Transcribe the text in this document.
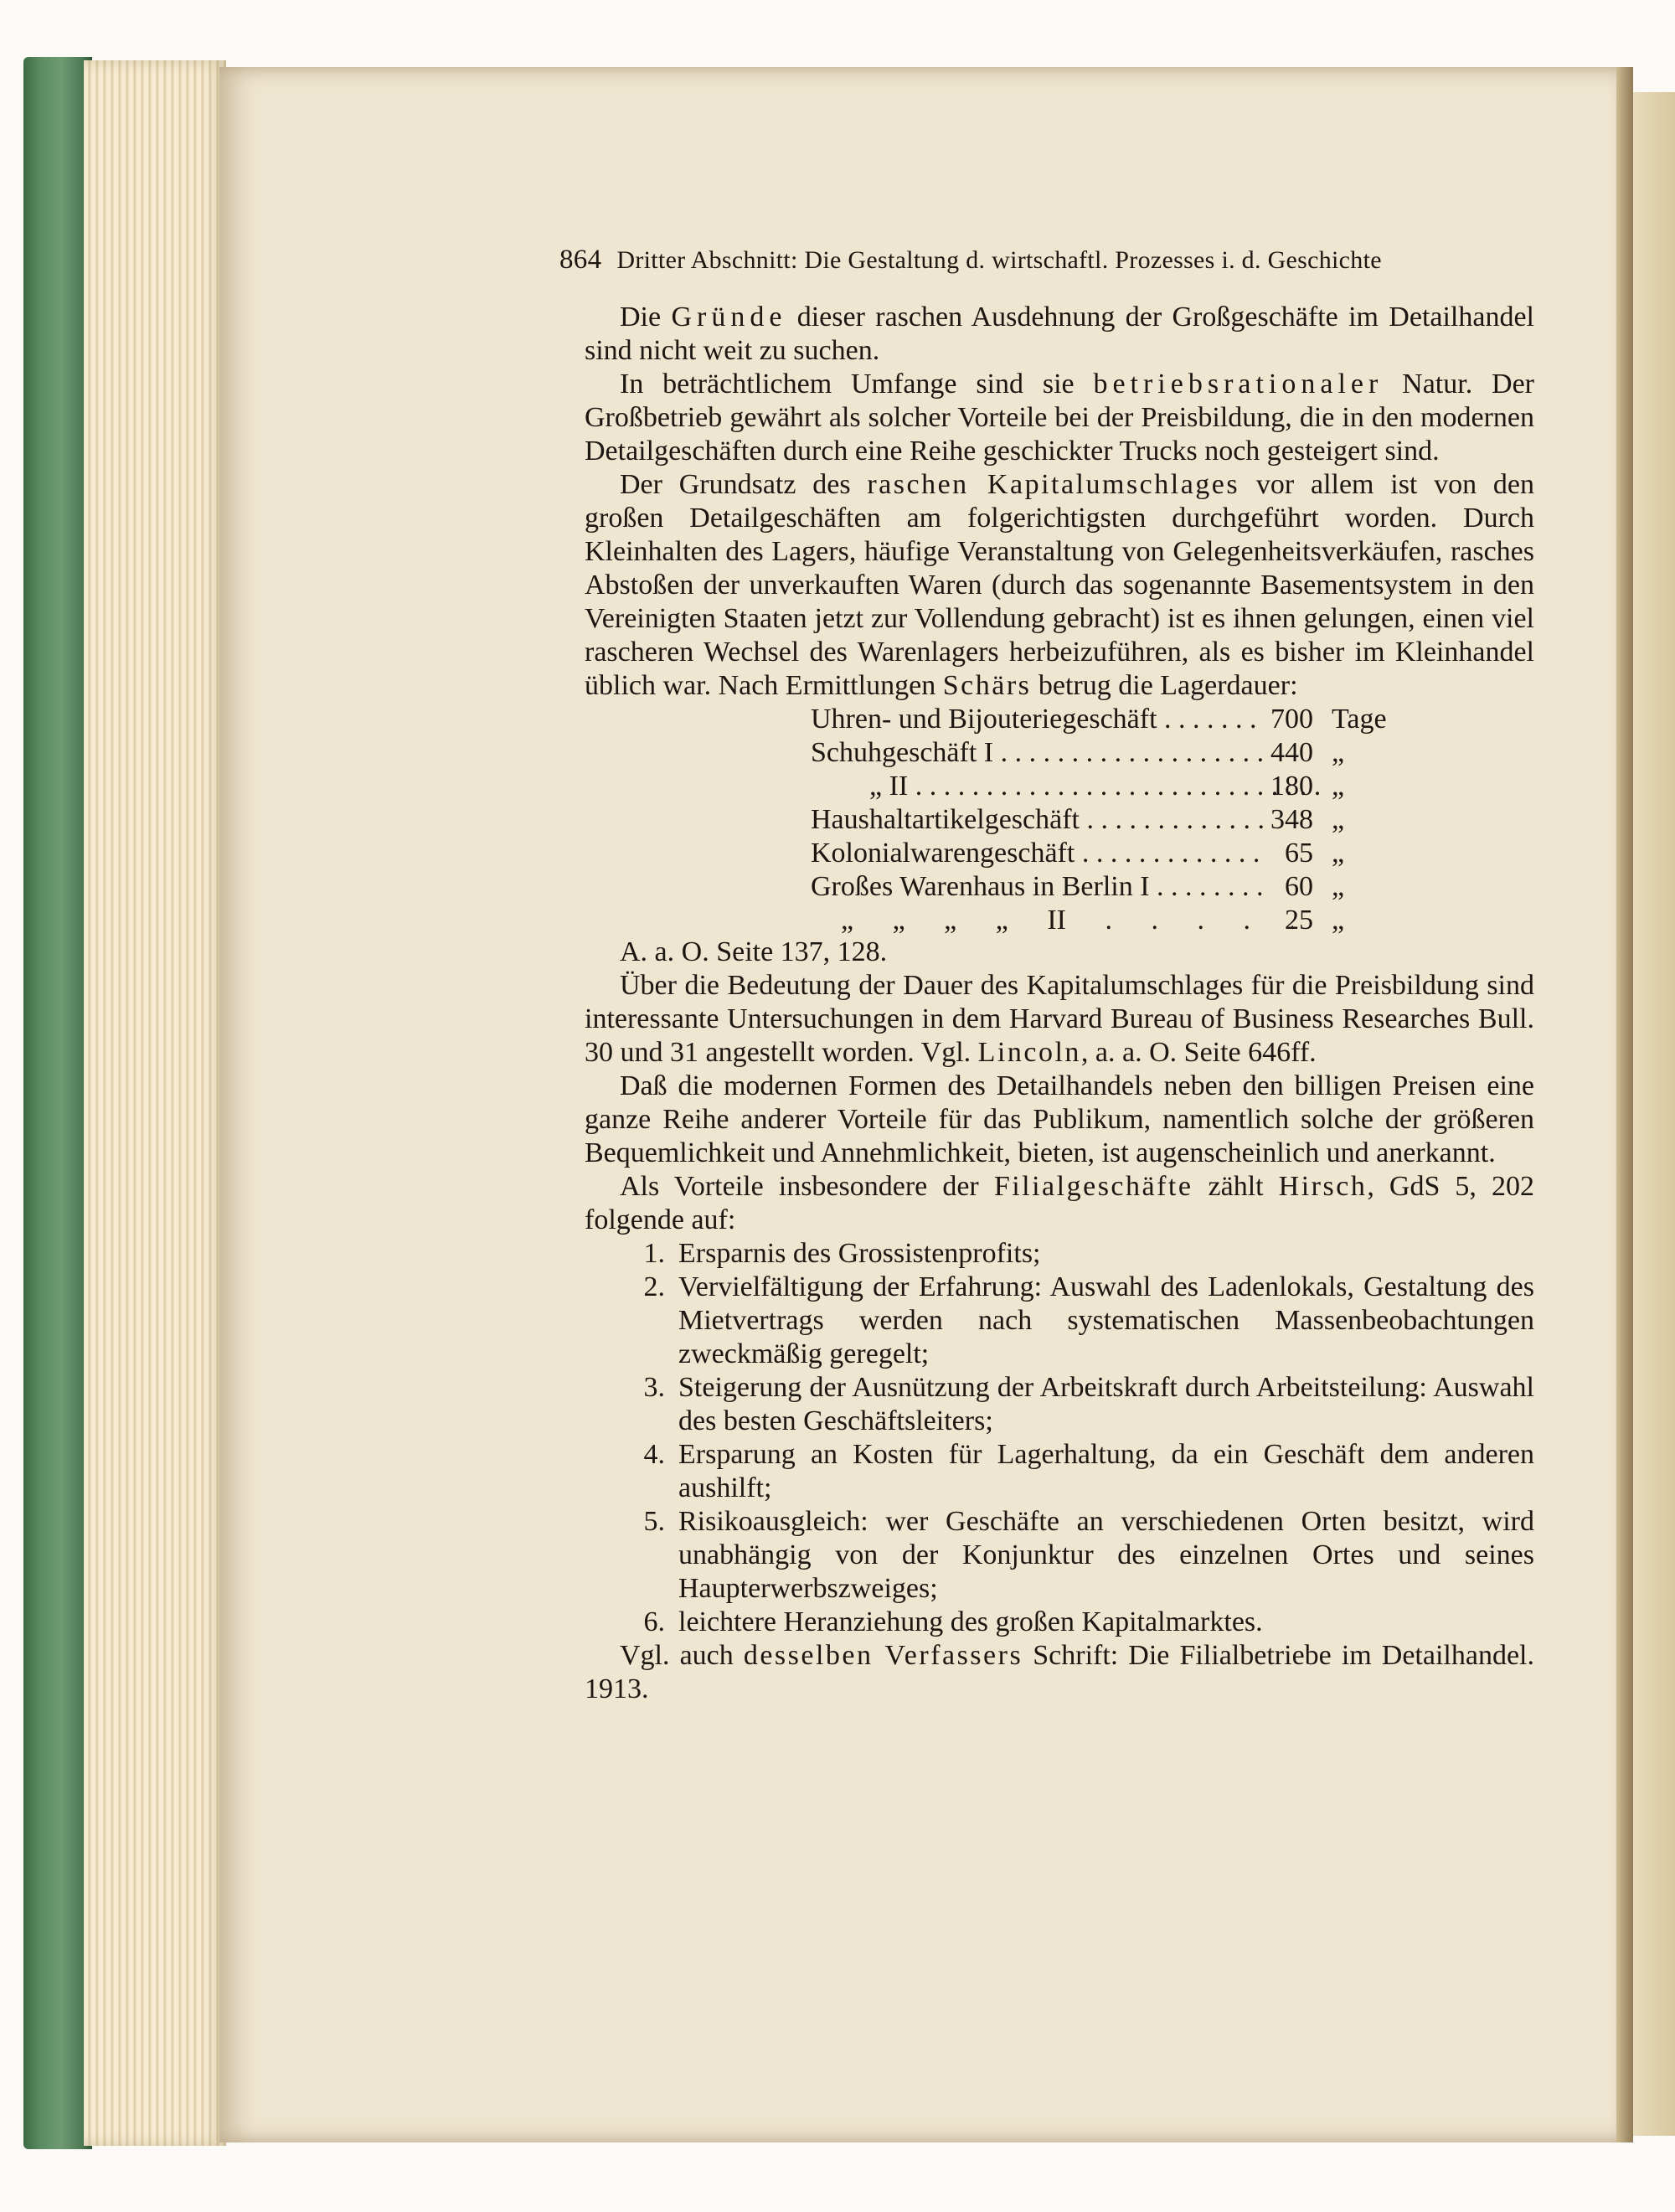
864 Dritter Abschnitt: Die Gestaltung d. wirtschaftl. Prozesses i. d. Geschichte

Die Gründe dieser raschen Ausdehnung der Großgeschäfte im Detailhandel sind nicht weit zu suchen.

In beträchtlichem Umfange sind sie betriebsrationaler Natur. Der Großbetrieb gewährt als solcher Vorteile bei der Preisbildung, die in den modernen Detailgeschäften durch eine Reihe geschickter Trucks noch gesteigert sind.

Der Grundsatz des raschen Kapitalumschlages vor allem ist von den großen Detailgeschäften am folgerichtigsten durchgeführt worden. Durch Kleinhalten des Lagers, häufige Veranstaltung von Gelegenheitsverkäufen, rasches Abstoßen der unverkauften Waren (durch das sogenannte Basementsystem in den Vereinigten Staaten jetzt zur Vollendung gebracht) ist es ihnen gelungen, einen viel rascheren Wechsel des Warenlagers herbeizuführen, als es bisher im Kleinhandel üblich war. Nach Ermittlungen Schärs betrug die Lagerdauer:

Uhren- und Bijouteriegeschäft . . .	700 Tage
Schuhgeschäft I . . .	440 „
„ II . . .	180 „
Haushaltartikelgeschäft . . .	348 „
Kolonialwarengeschäft . . .	65 „
Großes Warenhaus in Berlin I . . .	60 „
„ „ „ „ II . . .	25 „

A. a. O. Seite 137, 128.

Über die Bedeutung der Dauer des Kapitalumschlages für die Preisbildung sind interessante Untersuchungen in dem Harvard Bureau of Business Researches Bull. 30 und 31 angestellt worden. Vgl. Lincoln, a. a. O. Seite 646ff.

Daß die modernen Formen des Detailhandels neben den billigen Preisen eine ganze Reihe anderer Vorteile für das Publikum, namentlich solche der größeren Bequemlichkeit und Annehmlichkeit, bieten, ist augenscheinlich und anerkannt.

Als Vorteile insbesondere der Filialgeschäfte zählt Hirsch, GdS 5, 202 folgende auf:

1. Ersparnis des Grossistenprofits;
2. Vervielfältigung der Erfahrung: Auswahl des Ladenlokals, Gestaltung des Mietvertrags werden nach systematischen Massenbeobachtungen zweckmäßig geregelt;
3. Steigerung der Ausnützung der Arbeitskraft durch Arbeitsteilung: Auswahl des besten Geschäftsleiters;
4. Ersparung an Kosten für Lagerhaltung, da ein Geschäft dem anderen aushilft;
5. Risikoausgleich: wer Geschäfte an verschiedenen Orten besitzt, wird unabhängig von der Konjunktur des einzelnen Ortes und seines Haupterwerbszweiges;
6. leichtere Heranziehung des großen Kapitalmarktes.

Vgl. auch desselben Verfassers Schrift: Die Filialbetriebe im Detailhandel. 1913.
